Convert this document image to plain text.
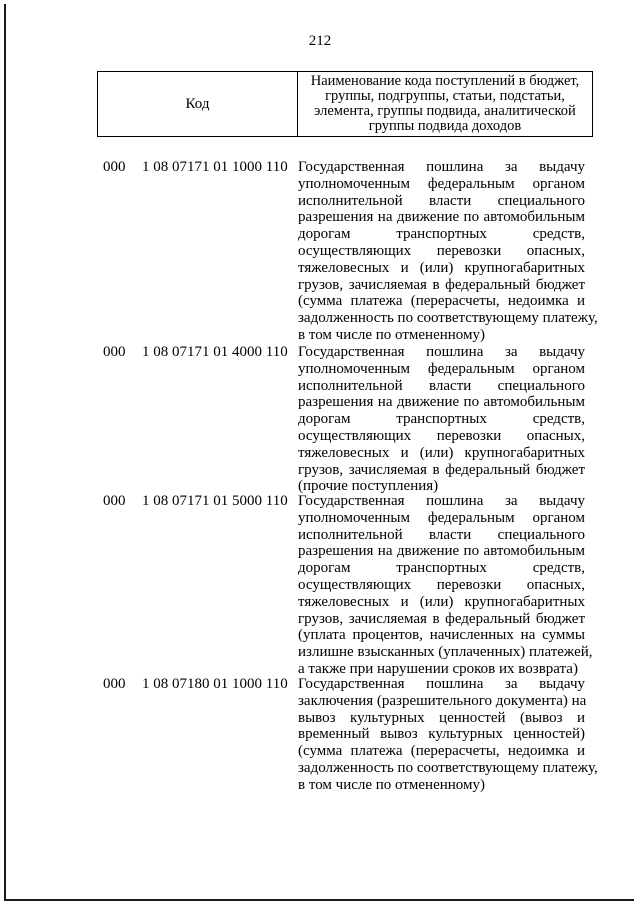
212
Код
Наименование кода поступлений в бюджет,
группы, подгруппы, статьи, подстатьи,
элемента, группы подвида, аналитической
группы подвида доходов
000 1 08 07171 01 1000 110 Государственная пошлина за выдачу
уполномоченным федеральным органом
исполнительной власти специального
разрешения на движение по автомобильным
дорогам транспортных средств,
осуществляющих перевозки опасных,
тяжеловесных и (или) крупногабаритных
грузов, зачисляемая в федеральный бюджет
(сумма платежа (перерасчеты, недоимка и
задолженность по соответствующему платежу,
в том числе по отмененному)
000 1 08 07171 01 4000 110 Государственная пошлина за выдачу
уполномоченным федеральным органом
исполнительной власти специального
разрешения на движение по автомобильным
дорогам транспортных средств,
осуществляющих перевозки опасных,
тяжеловесных и (или) крупногабаритных
грузов, зачисляемая в федеральный бюджет
(прочие поступления)
000 1 08 07171 01 5000 110 Государственная пошлина за выдачу
уполномоченным федеральным органом
исполнительной власти специального
разрешения на движение по автомобильным
дорогам транспортных средств,
осуществляющих перевозки опасных,
тяжеловесных и (или) крупногабаритных
грузов, зачисляемая в федеральный бюджет
(уплата процентов, начисленных на суммы
излишне взысканных (уплаченных) платежей,
а также при нарушении сроков их возврата)
000 1 08 07180 01 1000 110 Государственная пошлина за выдачу
заключения (разрешительного документа) на
вывоз культурных ценностей (вывоз и
временный вывоз культурных ценностей)
(сумма платежа (перерасчеты, недоимка и
задолженность по соответствующему платежу,
в том числе по отмененному)
